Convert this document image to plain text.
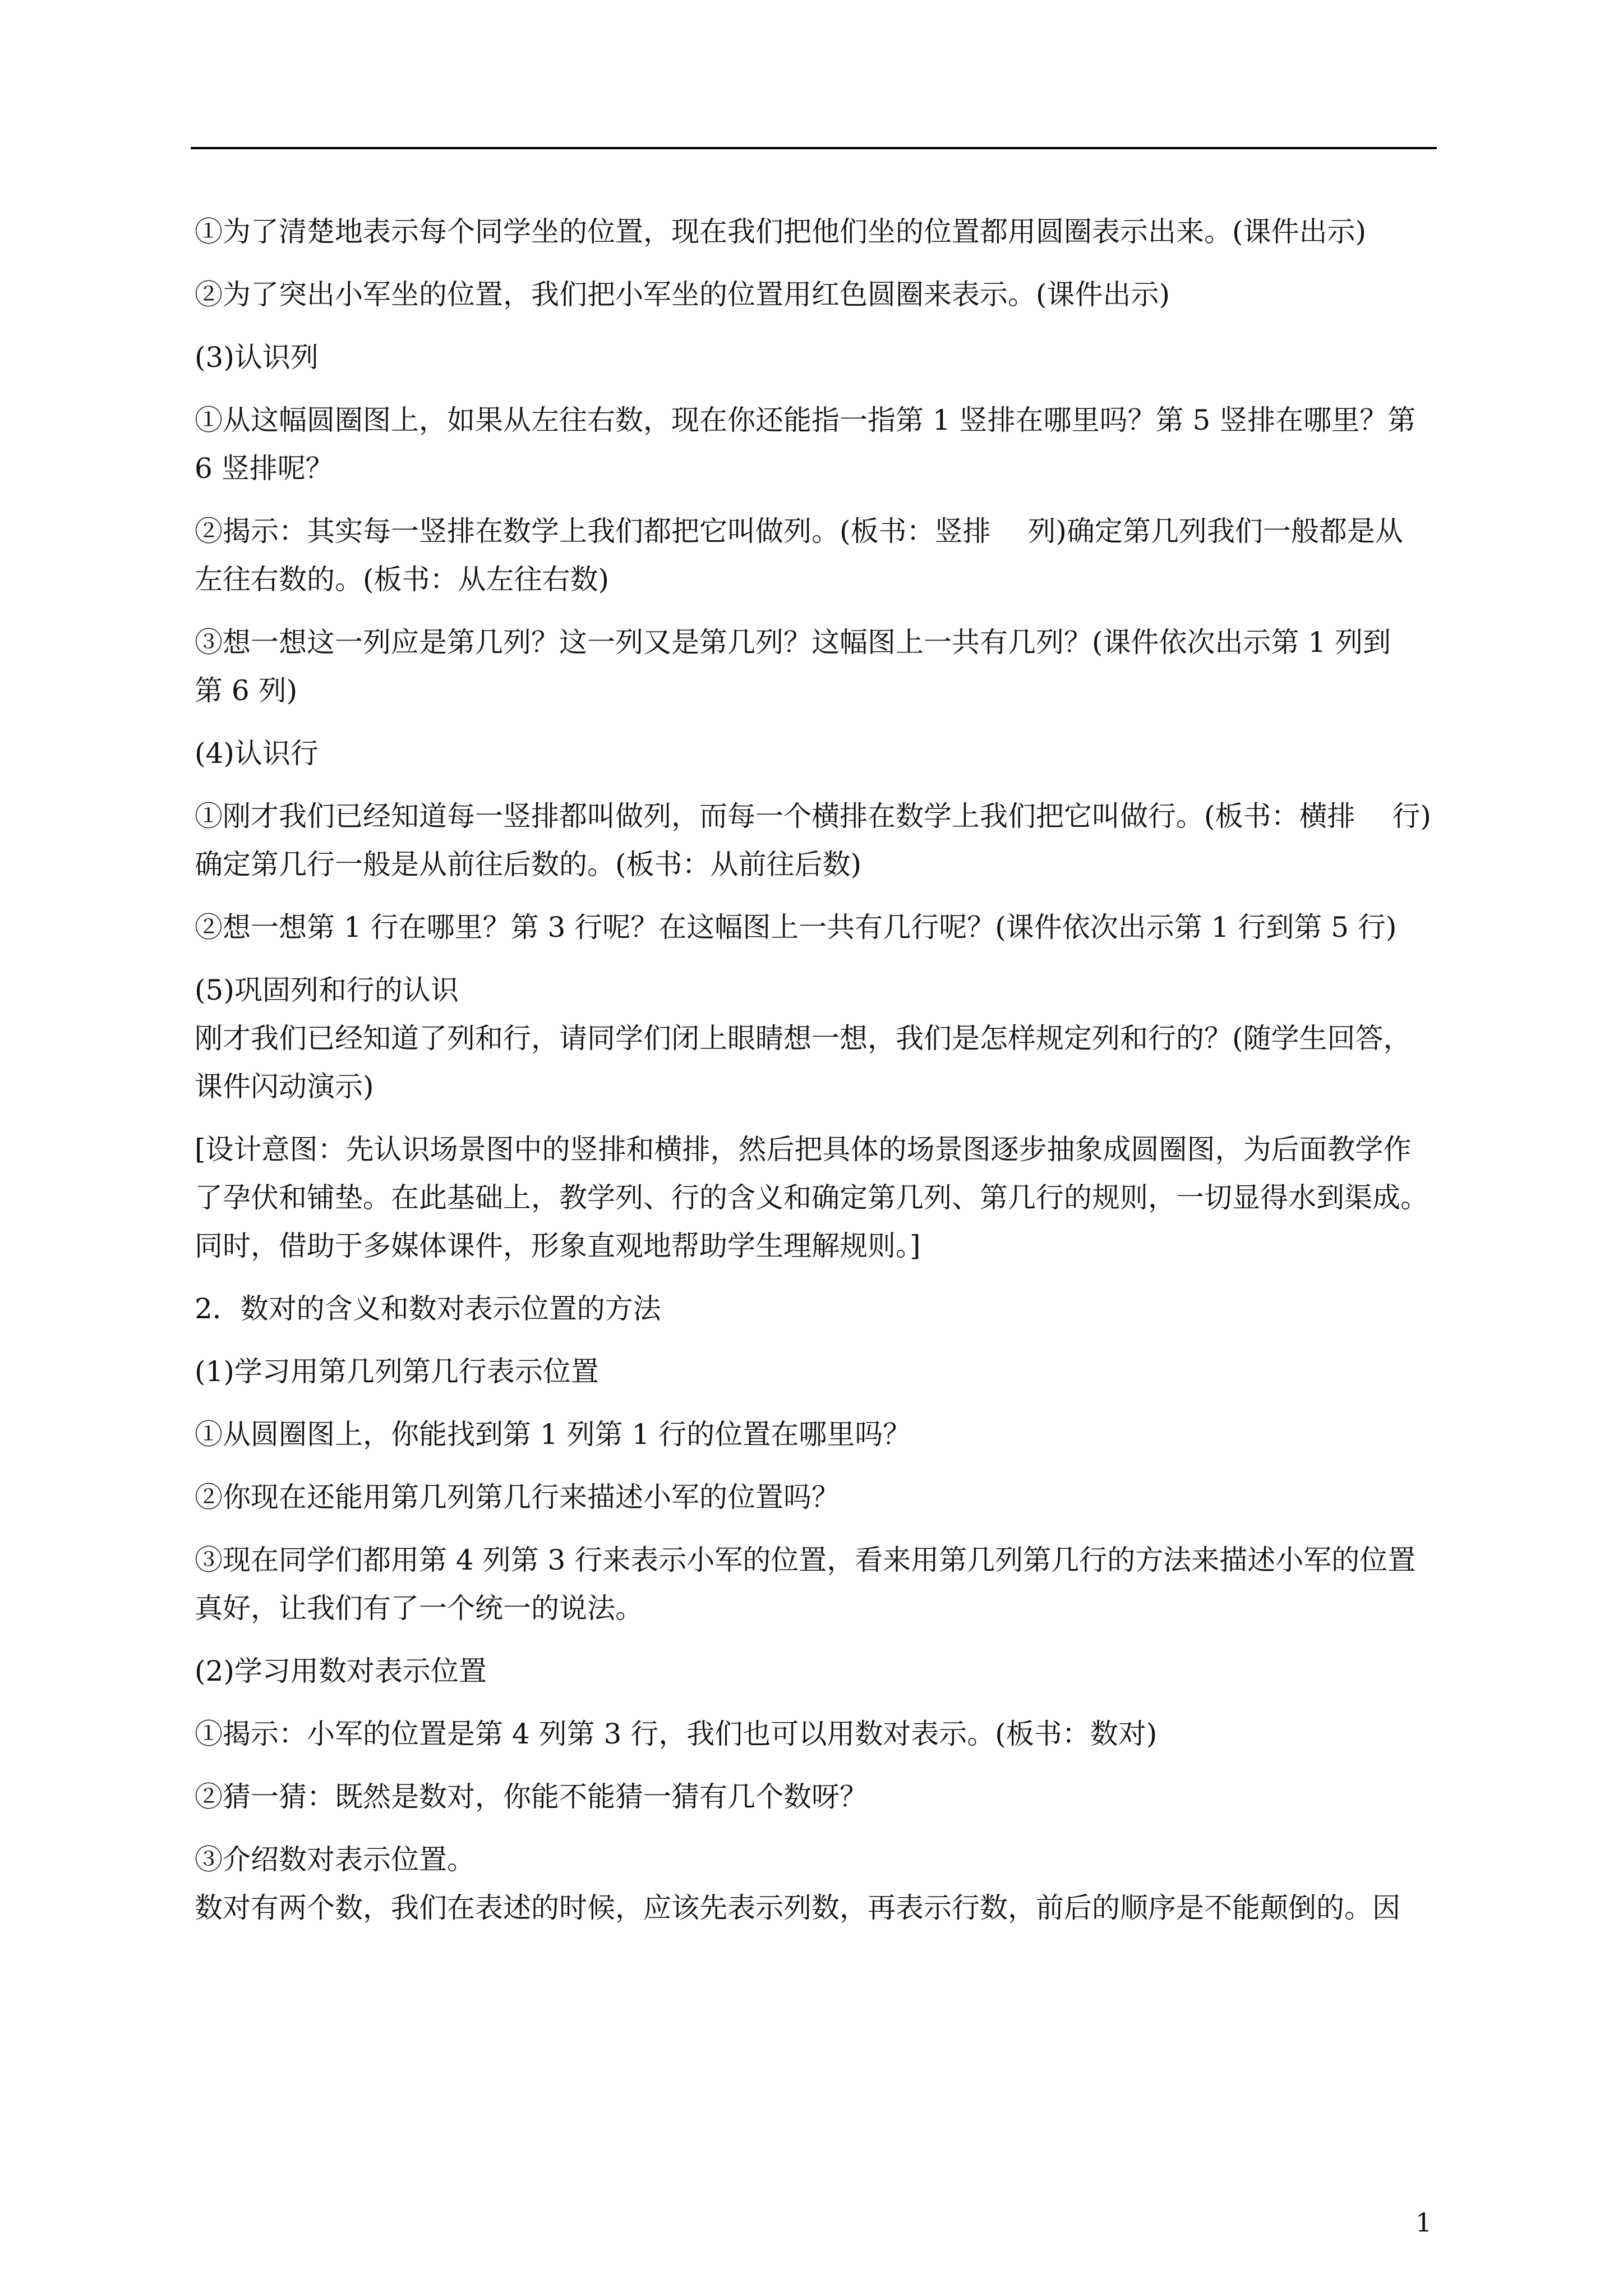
①为了清楚地表示每个同学坐的位置，现在我们把他们坐的位置都用圆圈表示出来。(课件出示)
②为了突出小军坐的位置，我们把小军坐的位置用红色圆圈来表示。(课件出示)
(3)认识列
①从这幅圆圈图上，如果从左往右数，现在你还能指一指第 1 竖排在哪里吗？第 5 竖排在哪里？第
6 竖排呢？
②揭示：其实每一竖排在数学上我们都把它叫做列。(板书：竖排　 列)确定第几列我们一般都是从
左往右数的。(板书：从左往右数)
③想一想这一列应是第几列？这一列又是第几列？这幅图上一共有几列？(课件依次出示第 1 列到
第 6 列)
(4)认识行
①刚才我们已经知道每一竖排都叫做列，而每一个横排在数学上我们把它叫做行。(板书：横排　 行)
确定第几行一般是从前往后数的。(板书：从前往后数)
②想一想第 1 行在哪里？第 3 行呢？在这幅图上一共有几行呢？(课件依次出示第 1 行到第 5 行)
(5)巩固列和行的认识
刚才我们已经知道了列和行，请同学们闭上眼睛想一想，我们是怎样规定列和行的？(随学生回答，
课件闪动演示)
[设计意图：先认识场景图中的竖排和横排，然后把具体的场景图逐步抽象成圆圈图，为后面教学作
了孕伏和铺垫。在此基础上，教学列、行的含义和确定第几列、第几行的规则，一切显得水到渠成。
同时，借助于多媒体课件，形象直观地帮助学生理解规则。]
2．数对的含义和数对表示位置的方法
(1)学习用第几列第几行表示位置
①从圆圈图上，你能找到第 1 列第 1 行的位置在哪里吗？
②你现在还能用第几列第几行来描述小军的位置吗？
③现在同学们都用第 4 列第 3 行来表示小军的位置，看来用第几列第几行的方法来描述小军的位置
真好，让我们有了一个统一的说法。
(2)学习用数对表示位置
①揭示：小军的位置是第 4 列第 3 行，我们也可以用数对表示。(板书：数对)
②猜一猜：既然是数对，你能不能猜一猜有几个数呀？
③介绍数对表示位置。
数对有两个数，我们在表述的时候，应该先表示列数，再表示行数，前后的顺序是不能颠倒的。因
1
